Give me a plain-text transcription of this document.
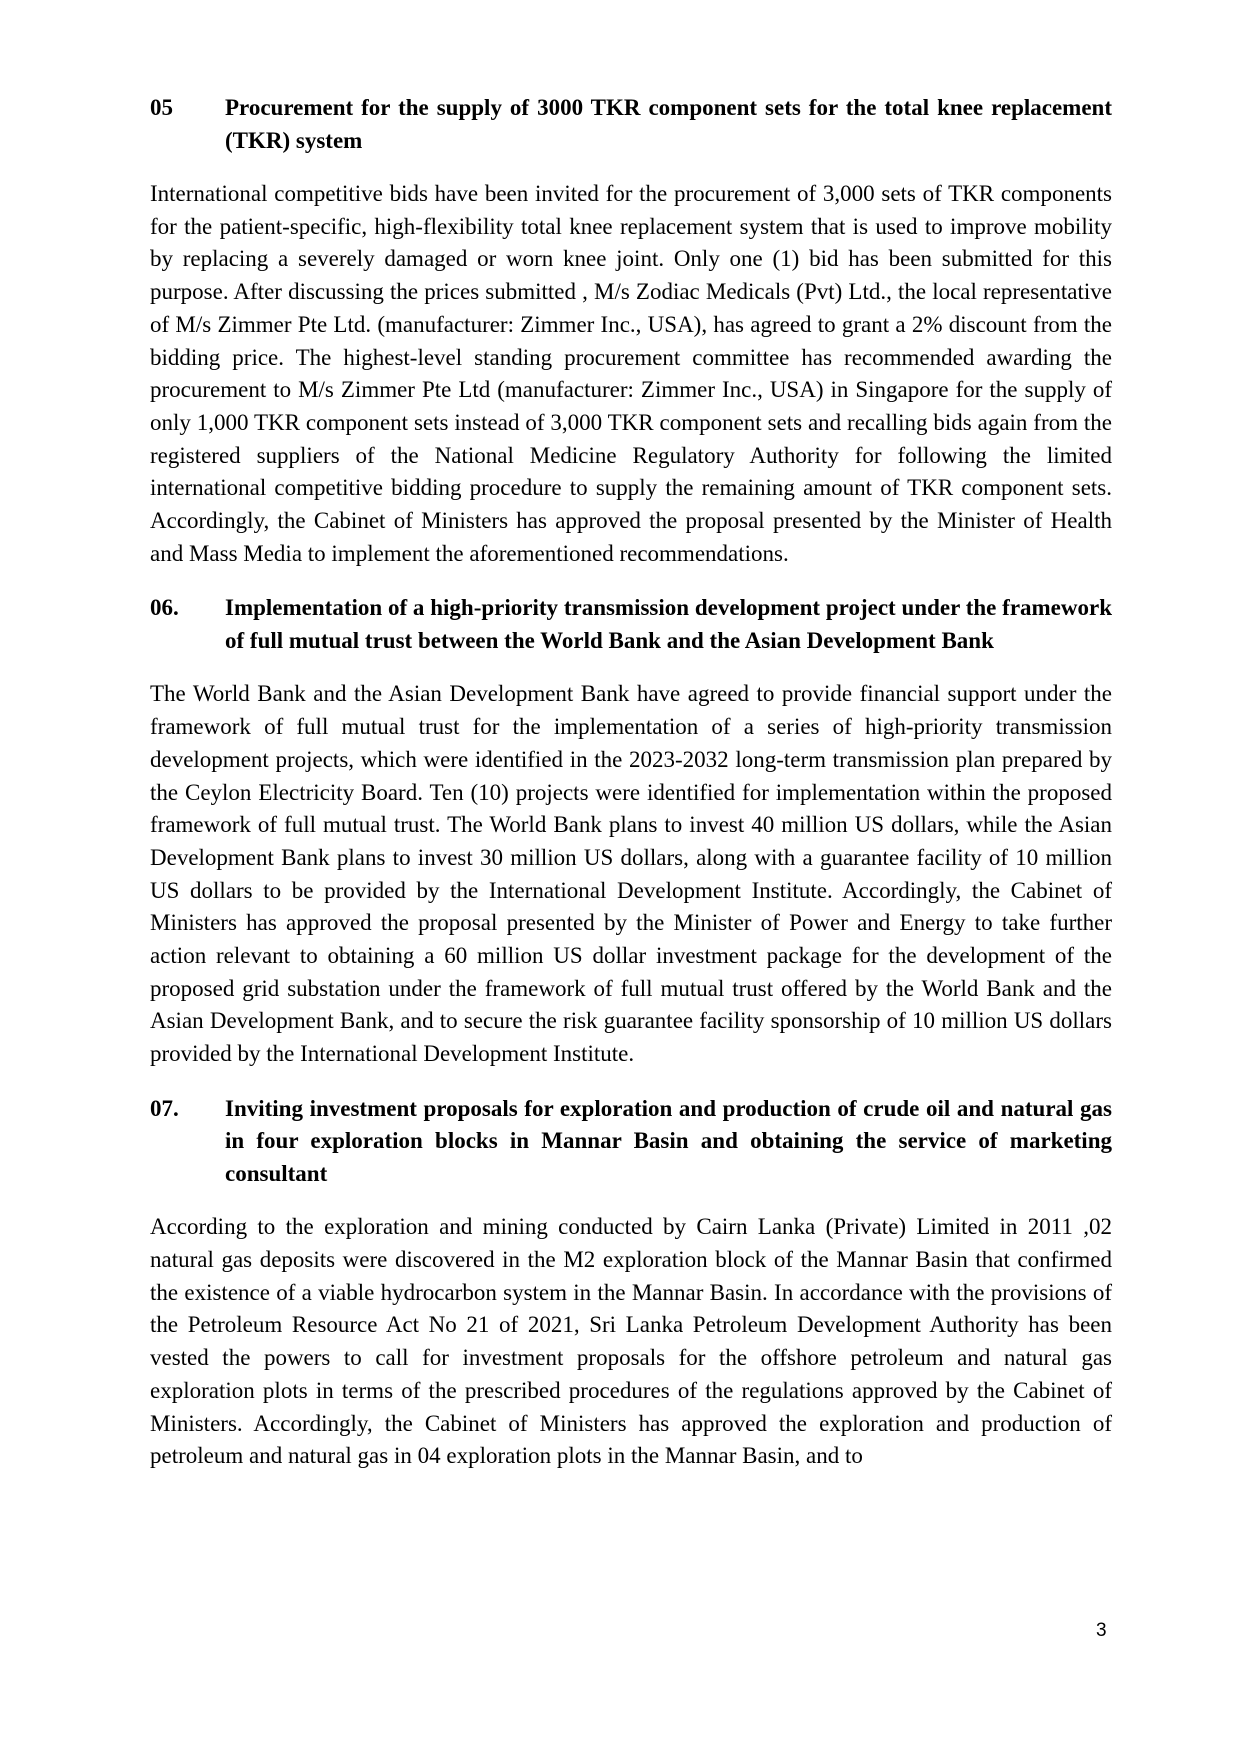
05	Procurement for the supply of 3000 TKR component sets for the total knee replacement (TKR) system

International competitive bids have been invited for the procurement of 3,000 sets of TKR components for the patient-specific, high-flexibility total knee replacement system that is used to improve mobility by replacing a severely damaged or worn knee joint. Only one (1) bid has been submitted for this purpose. After discussing the prices submitted , M/s Zodiac Medicals (Pvt) Ltd., the local representative of M/s Zimmer Pte Ltd. (manufacturer: Zimmer Inc., USA), has agreed to grant a 2% discount from the bidding price. The highest-level standing procurement committee has recommended awarding the procurement to M/s Zimmer Pte Ltd (manufacturer: Zimmer Inc., USA) in Singapore for the supply of only 1,000 TKR component sets instead of 3,000 TKR component sets and recalling bids again from the registered suppliers of the National Medicine Regulatory Authority for following the limited international competitive bidding procedure to supply the remaining amount of TKR component sets. Accordingly, the Cabinet of Ministers has approved the proposal presented by the Minister of Health and Mass Media to implement the aforementioned recommendations.

06.	Implementation of a high-priority transmission development project under the framework of full mutual trust between the World Bank and the Asian Development Bank

The World Bank and the Asian Development Bank have agreed to provide financial support under the framework of full mutual trust for the implementation of a series of high-priority transmission development projects, which were identified in the 2023-2032 long-term transmission plan prepared by the Ceylon Electricity Board. Ten (10) projects were identified for implementation within the proposed framework of full mutual trust. The World Bank plans to invest 40 million US dollars, while the Asian Development Bank plans to invest 30 million US dollars, along with a guarantee facility of 10 million US dollars to be provided by the International Development Institute. Accordingly, the Cabinet of Ministers has approved the proposal presented by the Minister of Power and Energy to take further action relevant to obtaining a 60 million US dollar investment package for the development of the proposed grid substation under the framework of full mutual trust offered by the World Bank and the Asian Development Bank, and to secure the risk guarantee facility sponsorship of 10 million US dollars provided by the International Development Institute.

07.	Inviting investment proposals for exploration and production of crude oil and natural gas in four exploration blocks in Mannar Basin and obtaining the service of marketing consultant

According to the exploration and mining conducted by Cairn Lanka (Private) Limited in 2011 ,02 natural gas deposits were discovered in the M2 exploration block of the Mannar Basin that confirmed the existence of a viable hydrocarbon system in the Mannar Basin. In accordance with the provisions of the Petroleum Resource Act No 21 of 2021, Sri Lanka Petroleum Development Authority has been vested the powers to call for investment proposals for the offshore petroleum and natural gas exploration plots in terms of the prescribed procedures of the regulations approved by the Cabinet of Ministers. Accordingly, the Cabinet of Ministers has approved the exploration and production of petroleum and natural gas in 04 exploration plots in the Mannar Basin, and to

3
